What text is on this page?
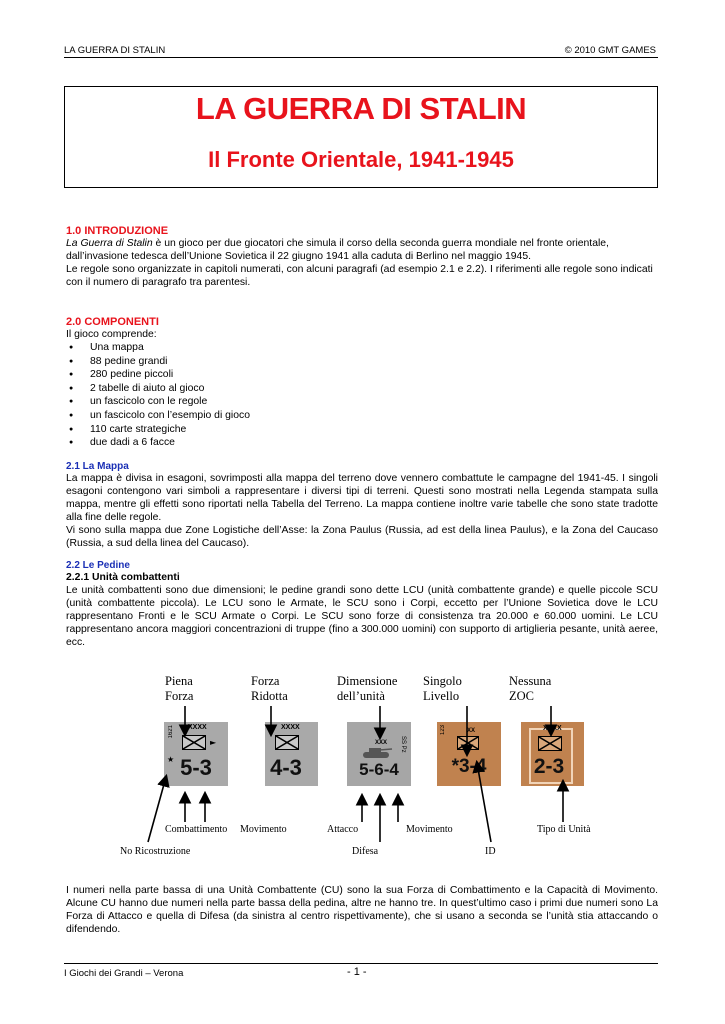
LA GUERRA DI STALIN	© 2010 GMT GAMES
LA GUERRA DI STALIN
Il Fronte Orientale, 1941-1945
1.0 INTRODUZIONE
La Guerra di Stalin è un gioco per due giocatori che simula il corso della seconda guerra mondiale nel fronte orientale, dall’invasione tedesca dell’Unione Sovietica il 22 giugno 1941 alla caduta di Berlino nel maggio 1945.
Le regole sono organizzate in capitoli numerati, con alcuni paragrafi (ad esempio 2.1 e 2.2). I riferimenti alle regole sono indicati con il numero di paragrafo tra parentesi.
2.0 COMPONENTI
Il gioco comprende:
● Una mappa
● 88 pedine grandi
● 280 pedine piccoli
● 2 tabelle di aiuto al gioco
● un fascicolo con le regole
● un fascicolo con l’esempio di gioco
● 110 carte strategiche
● due dadi a 6 facce
2.1 La Mappa
La mappa è divisa in esagoni, sovrimposti alla mappa del terreno dove vennero combattute le campagne del 1941-45. I singoli esagoni contengono vari simboli a rappresentare i diversi tipi di terreni. Questi sono mostrati nella Legenda stampata sulla mappa, mentre gli effetti sono riportati nella Tabella del Terreno. La mappa contiene inoltre varie tabelle che sono state tradotte alla fine delle regole.
Vi sono sulla mappa due Zone Logistiche dell’Asse: la Zona Paulus (Russia, ad est della linea Paulus), e la Zona del Caucaso (Russia, a sud della linea del Caucaso).
2.2 Le Pedine
2.2.1 Unità combattenti
Le unità combattenti sono due dimensioni; le pedine grandi sono dette LCU (unità combattente grande) e quelle piccole SCU (unità combattente piccola). Le LCU sono le Armate, le SCU sono i Corpi, eccetto per l’Unione Sovietica dove le LCU rappresentano Fronti e le SCU Armate o Corpi. Le SCU sono forze di consistenza tra 20.000 e 60.000 uomini. Le LCU rappresentano ancora maggiori concentrazioni di truppe (fino a 300.000 uomini) con supporto di artiglieria pesante, unità aeree, ecc.
Piena
Forza
Forza
Ridotta
Dimensione
dell’unità
Singolo
Livello
Nessuna
ZOC
1621 XXXX
►
★ 5-3
XXXX
4-3
XXX SS Pz
5-6-4
123	XX
*3-4
XXXX
2-3
Combattimento Movimento	Attacco	Movimento	Tipo di Unità
No Ricostruzione	Difesa	ID
I numeri nella parte bassa di una Unità Combattente (CU) sono la sua Forza di Combattimento e la Capacità di Movimento. Alcune CU hanno due numeri nella parte bassa della pedina, altre ne hanno tre. In quest’ultimo caso i primi due numeri sono La Forza di Attacco e quella di Difesa (da sinistra al centro rispettivamente), che si usano a seconda se l’unità stia attaccando o difendendo.
I Giochi dei Grandi – Verona	- 1 -
